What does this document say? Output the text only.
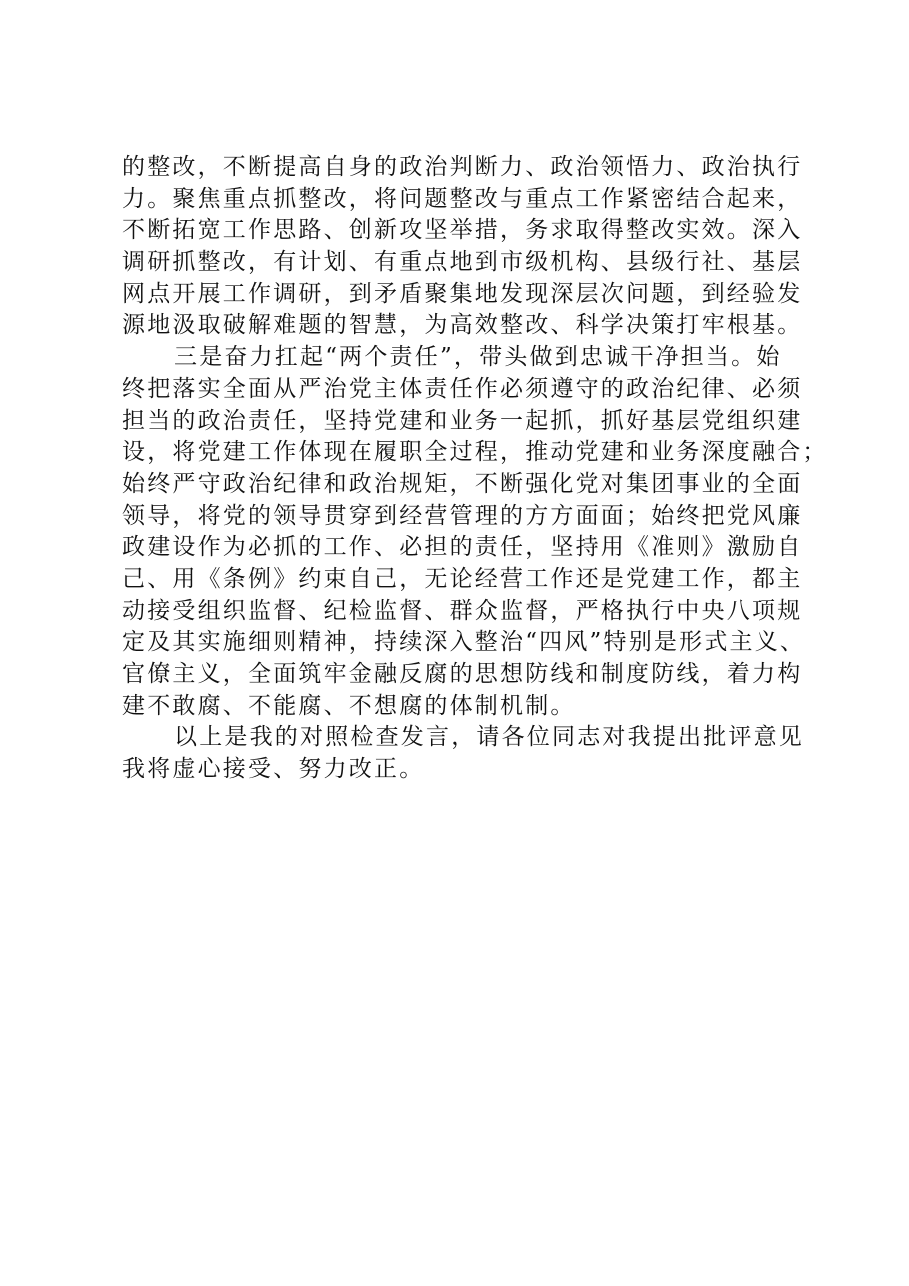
的整改，不断提高自身的政治判断力、政治领悟力、政治执行
力。聚焦重点抓整改，将问题整改与重点工作紧密结合起来，
不断拓宽工作思路、创新攻坚举措，务求取得整改实效。深入
调研抓整改，有计划、有重点地到市级机构、县级行社、基层
网点开展工作调研，到矛盾聚集地发现深层次问题，到经验发
源地汲取破解难题的智慧，为高效整改、科学决策打牢根基。
三是奋力扛起“两个责任”，带头做到忠诚干净担当。始
终把落实全面从严治党主体责任作必须遵守的政治纪律、必须
担当的政治责任，坚持党建和业务一起抓，抓好基层党组织建
设，将党建工作体现在履职全过程，推动党建和业务深度融合；
始终严守政治纪律和政治规矩，不断强化党对集团事业的全面
领导，将党的领导贯穿到经营管理的方方面面；始终把党风廉
政建设作为必抓的工作、必担的责任，坚持用《准则》激励自
己、用《条例》约束自己，无论经营工作还是党建工作，都主
动接受组织监督、纪检监督、群众监督，严格执行中央八项规
定及其实施细则精神，持续深入整治“四风”特别是形式主义、
官僚主义，全面筑牢金融反腐的思想防线和制度防线，着力构
建不敢腐、不能腐、不想腐的体制机制。
以上是我的对照检查发言，请各位同志对我提出批评意见
我将虚心接受、努力改正。
